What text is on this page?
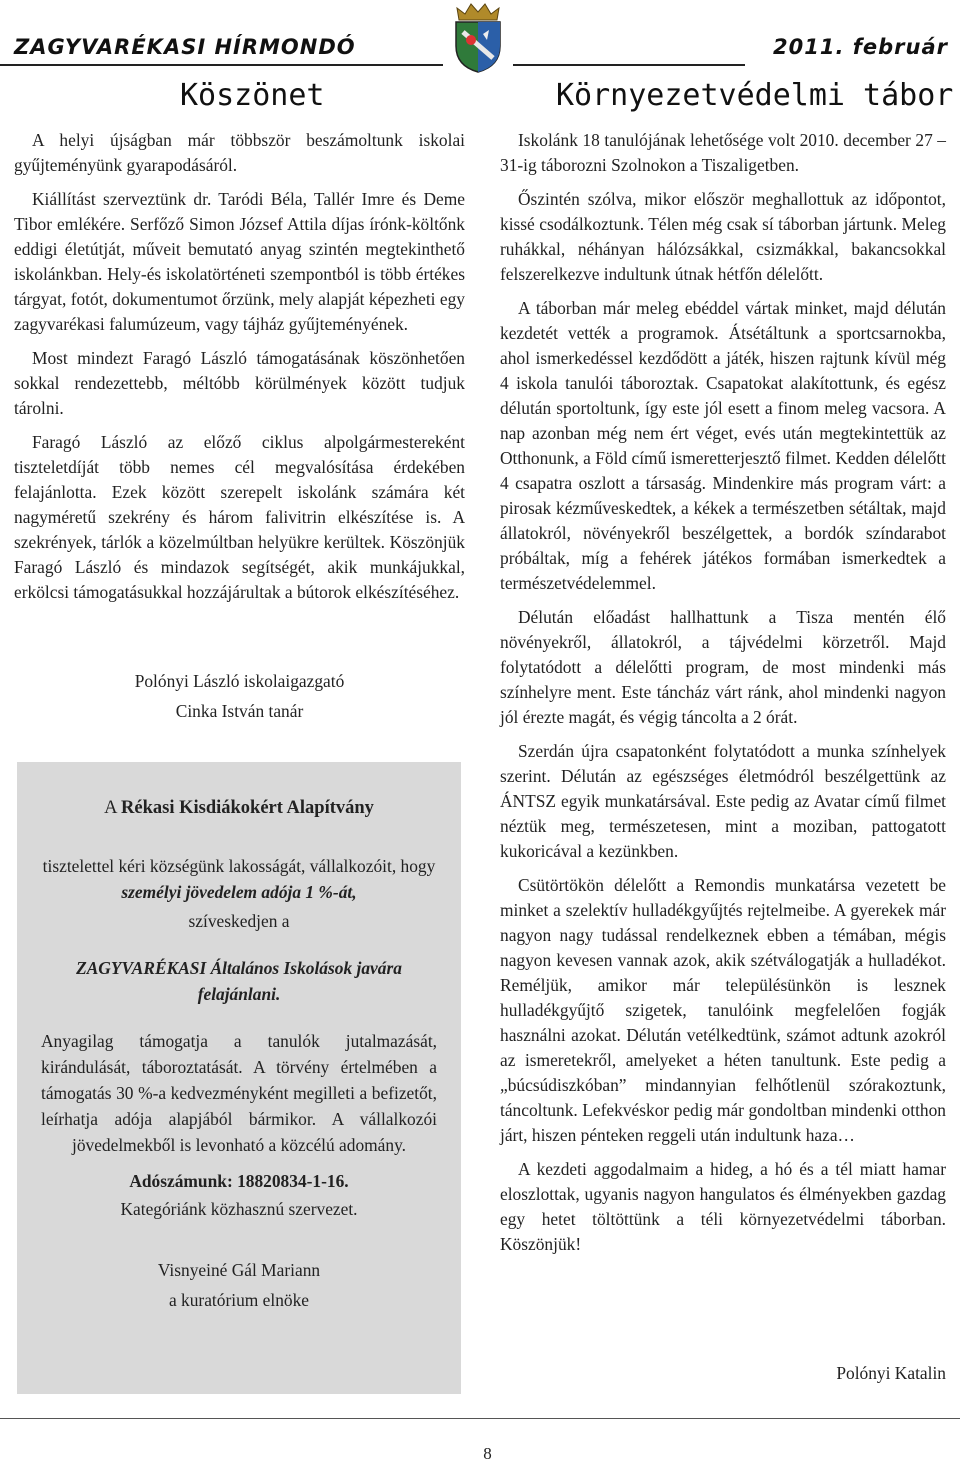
ZAGYVARÉKASI HÍRMONDÓ	2011. február
Köszönet

A helyi újságban már többször beszámoltunk iskolai gyűjteményünk gyarapodásáról.

Kiállítást szerveztünk dr. Taródi Béla, Tallér Imre és Deme Tibor emlékére. Serfőző Simon József Attila díjas írónk-költőnk eddigi életútját, műveit bemutató anyag szintén megtekinthető iskolánkban. Hely-és iskolatörténeti szempontból is több értékes tárgyat, fotót, dokumentumot őrzünk, mely alapját képezheti egy zagyvarékasi falumúzeum, vagy tájház gyűjteményének.

Most mindezt Faragó László támogatásának köszönhetően sokkal rendezettebb, méltóbb körülmények között tudjuk tárolni.

Faragó László az előző ciklus alpolgármestereként tiszteletdíját több nemes cél megvalósítása érdekében felajánlotta. Ezek között szerepelt iskolánk számára két nagyméretű szekrény és három falivitrin elkészítése is. A szekrények, tárlók a közelmúltban helyükre kerültek. Köszönjük Faragó László és mindazok segítségét, akik munkájukkal, erkölcsi támogatásukkal hozzájárultak a bútorok elkészítéséhez.

Polónyi László iskolaigazgató
Cinka István tanár
A Rékasi Kisdiákokért Alapítvány
tisztelettel kéri községünk lakosságát, vállalkozóit, hogy
személyi jövedelem adója 1 %-át,
szíveskedjen a
ZAGYVARÉKASI Általános Iskolások javára felajánlani.
Anyagilag támogatja a tanulók jutalmazását, kirándulását, táboroztatását. A törvény értelmében a támogatás 30 %-a kedvezményként megilleti a befizetőt, leírhatja adója alapjából bármikor. A vállalkozói jövedelmekből is levonható a közcélú adomány.
Adószámunk: 18820834-1-16.
Kategóriánk közhasznú szervezet.
Visnyeiné Gál Mariann
a kuratórium elnöke
Környezetvédelmi tábor

Iskolánk 18 tanulójának lehetősége volt 2010. december 27 – 31-ig táborozni Szolnokon a Tiszaligetben.

Őszintén szólva, mikor először meghallottuk az időpontot, kissé csodálkoztunk. Télen még csak sí táborban jártunk. Meleg ruhákkal, néhányan hálózsákkal, csizmákkal, bakancsokkal felszerelkezve indultunk útnak hétfőn délelőtt.

A táborban már meleg ebéddel vártak minket, majd délután kezdetét vették a programok. Átsétáltunk a sportcsarnokba, ahol ismerkedéssel kezdődött a játék, hiszen rajtunk kívül még 4 iskola tanulói táboroztak. Csapatokat alakítottunk, és egész délután sportoltunk, így este jól esett a finom meleg vacsora. A nap azonban még nem ért véget, evés után megtekintettük az Otthonunk, a Föld című ismeretterjesztő filmet. Kedden délelőtt 4 csapatra oszlott a társaság. Mindenkire más program várt: a pirosak kézműveskedtek, a kékek a természetben sétáltak, majd állatokról, növényekről beszélgettek, a bordók színdarabot próbáltak, míg a fehérek játékos formában ismerkedtek a természetvédelemmel.

Délután előadást hallhattunk a Tisza mentén élő növényekről, állatokról, a tájvédelmi körzetről. Majd folytatódott a délelőtti program, de most mindenki más színhelyre ment. Este táncház várt ránk, ahol mindenki nagyon jól érezte magát, és végig táncolta a 2 órát.

Szerdán újra csapatonként folytatódott a munka színhelyek szerint. Délután az egészséges életmódról beszélgettünk az ÁNTSZ egyik munkatársával. Este pedig az Avatar című filmet néztük meg, természetesen, mint a moziban, pattogatott kukoricával a kezünkben.

Csütörtökön délelőtt a Remondis munkatársa vezetett be minket a szelektív hulladékgyűjtés rejtelmeibe. A gyerekek már nagyon nagy tudással rendelkeznek ebben a témában, mégis nagyon kevesen vannak azok, akik szétválogatják a hulladékot. Reméljük, amikor már településünkön is lesznek hulladékgyűjtő szigetek, tanulóink megfelelően fogják használni azokat. Délután vetélkedtünk, számot adtunk azokról az ismeretekről, amelyeket a héten tanultunk. Este pedig a „búcsúdiszkóban” mindannyian felhőtlenül szórakoztunk, táncoltunk. Lefekvéskor pedig már gondoltban mindenki otthon járt, hiszen pénteken reggeli után indultunk haza…

A kezdeti aggodalmaim a hideg, a hó és a tél miatt hamar eloszlottak, ugyanis nagyon hangulatos és élményekben gazdag egy hetet töltöttünk a téli környezetvédelmi táborban. Köszönjük!

Polónyi Katalin
8
